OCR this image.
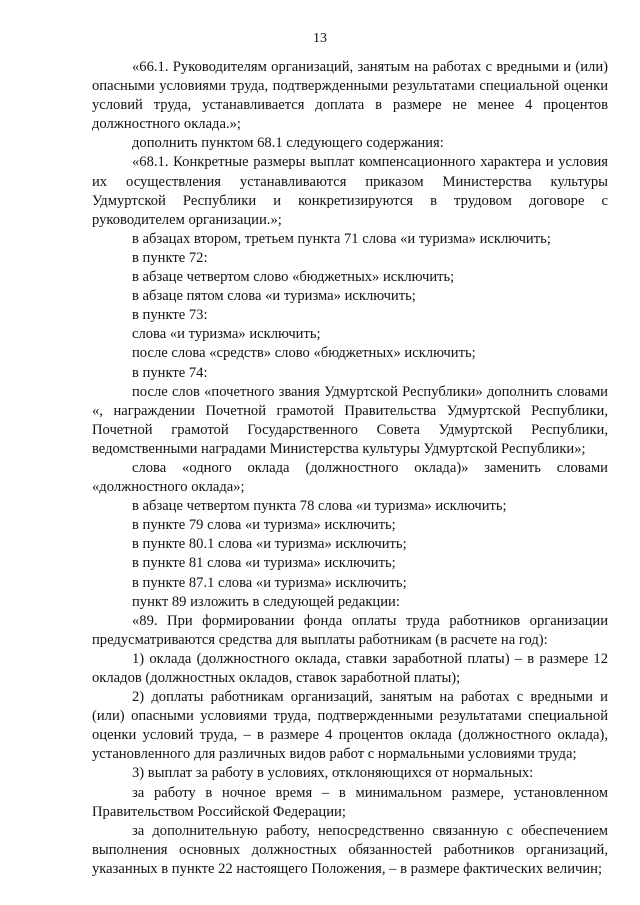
13

«66.1. Руководителям организаций, занятым на работах с вредными и (или) опасными условиями труда, подтвержденными результатами специальной оценки условий труда, устанавливается доплата в размере не менее 4 процентов должностного оклада.»;

дополнить пунктом 68.1 следующего содержания:

«68.1. Конкретные размеры выплат компенсационного характера и условия их осуществления устанавливаются приказом Министерства культуры Удмуртской Республики и конкретизируются в трудовом договоре с руководителем организации.»;

в абзацах втором, третьем пункта 71 слова «и туризма» исключить;

в пункте 72:

в абзаце четвертом слово «бюджетных» исключить;

в абзаце пятом слова «и туризма» исключить;

в пункте 73:

слова «и туризма» исключить;

после слова «средств» слово «бюджетных» исключить;

в пункте 74:

после слов «почетного звания Удмуртской Республики» дополнить словами «, награждении Почетной грамотой Правительства Удмуртской Республики, Почетной грамотой Государственного Совета Удмуртской Республики, ведомственными наградами Министерства культуры Удмуртской Республики»;

слова «одного оклада (должностного оклада)» заменить словами «должностного оклада»;

в абзаце четвертом пункта 78 слова «и туризма» исключить;

в пункте 79 слова «и туризма» исключить;

в пункте 80.1 слова «и туризма» исключить;

в пункте 81 слова «и туризма» исключить;

в пункте 87.1 слова «и туризма» исключить;

пункт 89 изложить в следующей редакции:

«89. При формировании фонда оплаты труда работников организации предусматриваются средства для выплаты работникам (в расчете на год):

1) оклада (должностного оклада, ставки заработной платы) – в размере 12 окладов (должностных окладов, ставок заработной платы);

2) доплаты работникам организаций, занятым на работах с вредными и (или) опасными условиями труда, подтвержденными результатами специальной оценки условий труда, – в размере 4 процентов оклада (должностного оклада), установленного для различных видов работ с нормальными условиями труда;

3) выплат за работу в условиях, отклоняющихся от нормальных:

за работу в ночное время – в минимальном размере, установленном Правительством Российской Федерации;

за дополнительную работу, непосредственно связанную с обеспечением выполнения основных должностных обязанностей работников организаций, указанных в пункте 22 настоящего Положения, – в размере фактических величин;
